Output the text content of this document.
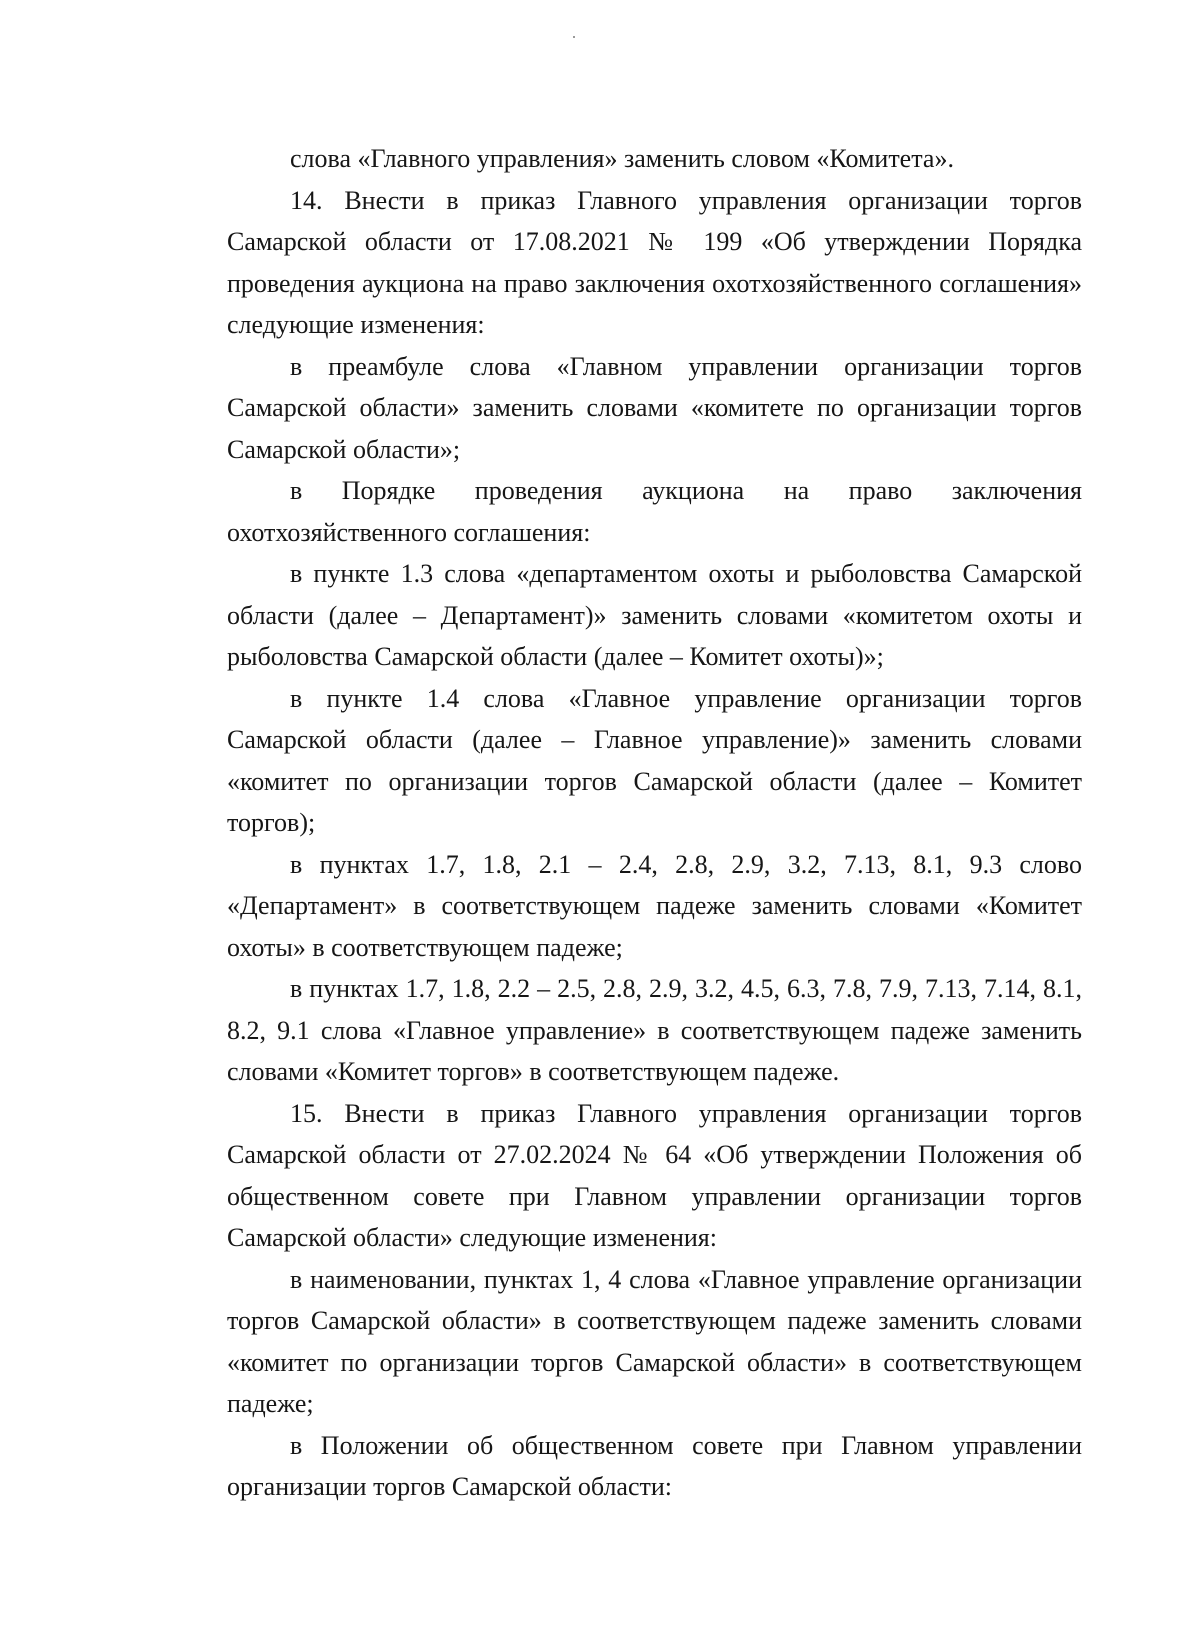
слова «Главного управления» заменить словом «Комитета».

14. Внести в приказ Главного управления организации торгов Самарской области от 17.08.2021 № 199 «Об утверждении Порядка проведения аукциона на право заключения охотхозяйственного соглашения» следующие изменения:

в преамбуле слова «Главном управлении организации торгов Самарской области» заменить словами «комитете по организации торгов Самарской области»;

в Порядке проведения аукциона на право заключения охотхозяйственного соглашения:

в пункте 1.3 слова «департаментом охоты и рыболовства Самарской области (далее – Департамент)» заменить словами «комитетом охоты и рыболовства Самарской области (далее – Комитет охоты)»;

в пункте 1.4 слова «Главное управление организации торгов Самарской области (далее – Главное управление)» заменить словами «комитет по организации торгов Самарской области (далее – Комитет торгов);

в пунктах 1.7, 1.8, 2.1 – 2.4, 2.8, 2.9, 3.2, 7.13, 8.1, 9.3 слово «Департамент» в соответствующем падеже заменить словами «Комитет охоты» в соответствующем падеже;

в пунктах 1.7, 1.8, 2.2 – 2.5, 2.8, 2.9, 3.2, 4.5, 6.3, 7.8, 7.9, 7.13, 7.14, 8.1, 8.2, 9.1 слова «Главное управление» в соответствующем падеже заменить словами «Комитет торгов» в соответствующем падеже.

15. Внести в приказ Главного управления организации торгов Самарской области от 27.02.2024 № 64 «Об утверждении Положения об общественном совете при Главном управлении организации торгов Самарской области» следующие изменения:

в наименовании, пунктах 1, 4 слова «Главное управление организации торгов Самарской области» в соответствующем падеже заменить словами «комитет по организации торгов Самарской области» в соответствующем падеже;

в Положении об общественном совете при Главном управлении организации торгов Самарской области:
